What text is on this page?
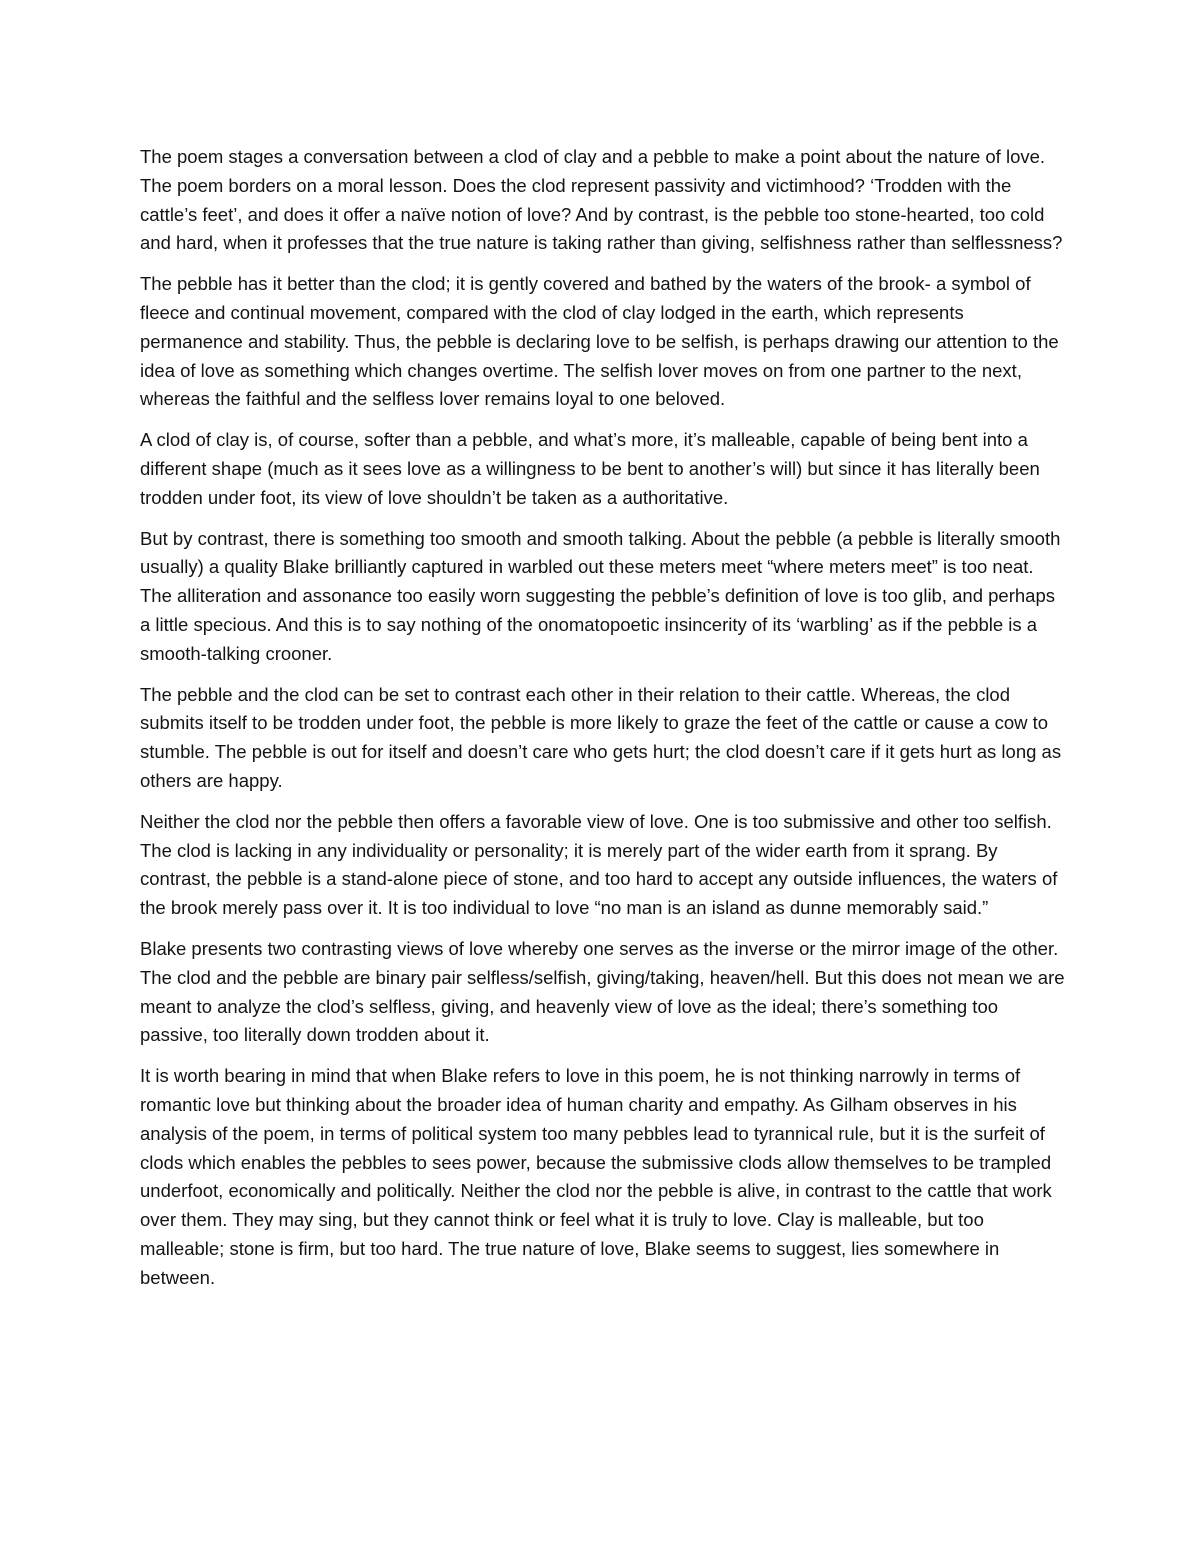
The poem stages a conversation between a clod of clay and a pebble to make a point about the nature of love. The poem borders on a moral lesson. Does the clod represent passivity and victimhood? ‘Trodden with the cattle’s feet’, and does it offer a naïve notion of love? And by contrast, is the pebble too stone-hearted, too cold and hard, when it professes that the true nature is taking rather than giving, selfishness rather than selflessness?

The pebble has it better than the clod; it is gently covered and bathed by the waters of the brook- a symbol of fleece and continual movement, compared with the clod of clay lodged in the earth, which represents permanence and stability. Thus, the pebble is declaring love to be selfish, is perhaps drawing our attention to the idea of love as something which changes overtime. The selfish lover moves on from one partner to the next, whereas the faithful and the selfless lover remains loyal to one beloved.

A clod of clay is, of course, softer than a pebble, and what’s more, it’s malleable, capable of being bent into a different shape (much as it sees love as a willingness to be bent to another’s will) but since it has literally been trodden under foot, its view of love shouldn’t be taken as a authoritative.

But by contrast, there is something too smooth and smooth talking. About the pebble (a pebble is literally smooth usually) a quality Blake brilliantly captured in warbled out these meters meet “where meters meet” is too neat. The alliteration and assonance too easily worn suggesting the pebble’s definition of love is too glib, and perhaps a little specious. And this is to say nothing of the onomatopoetic insincerity of its ‘warbling’ as if the pebble is a smooth-talking crooner.

The pebble and the clod can be set to contrast each other in their relation to their cattle. Whereas, the clod submits itself to be trodden under foot, the pebble is more likely to graze the feet of the cattle or cause a cow to stumble. The pebble is out for itself and doesn’t care who gets hurt; the clod doesn’t care if it gets hurt as long as others are happy.

Neither the clod nor the pebble then offers a favorable view of love. One is too submissive and other too selfish. The clod is lacking in any individuality or personality; it is merely part of the wider earth from it sprang. By contrast, the pebble is a stand-alone piece of stone, and too hard to accept any outside influences, the waters of the brook merely pass over it. It is too individual to love “no man is an island as dunne memorably said.”

Blake presents two contrasting views of love whereby one serves as the inverse or the mirror image of the other. The clod and the pebble are binary pair selfless/selfish, giving/taking, heaven/hell. But this does not mean we are meant to analyze the clod’s selfless, giving, and heavenly view of love as the ideal; there’s something too passive, too literally down trodden about it.

It is worth bearing in mind that when Blake refers to love in this poem, he is not thinking narrowly in terms of romantic love but thinking about the broader idea of human charity and empathy. As Gilham observes in his analysis of the poem, in terms of political system too many pebbles lead to tyrannical rule, but it is the surfeit of clods which enables the pebbles to sees power, because the submissive clods allow themselves to be trampled underfoot, economically and politically. Neither the clod nor the pebble is alive, in contrast to the cattle that work over them. They may sing, but they cannot think or feel what it is truly to love. Clay is malleable, but too malleable; stone is firm, but too hard. The true nature of love, Blake seems to suggest, lies somewhere in between.
